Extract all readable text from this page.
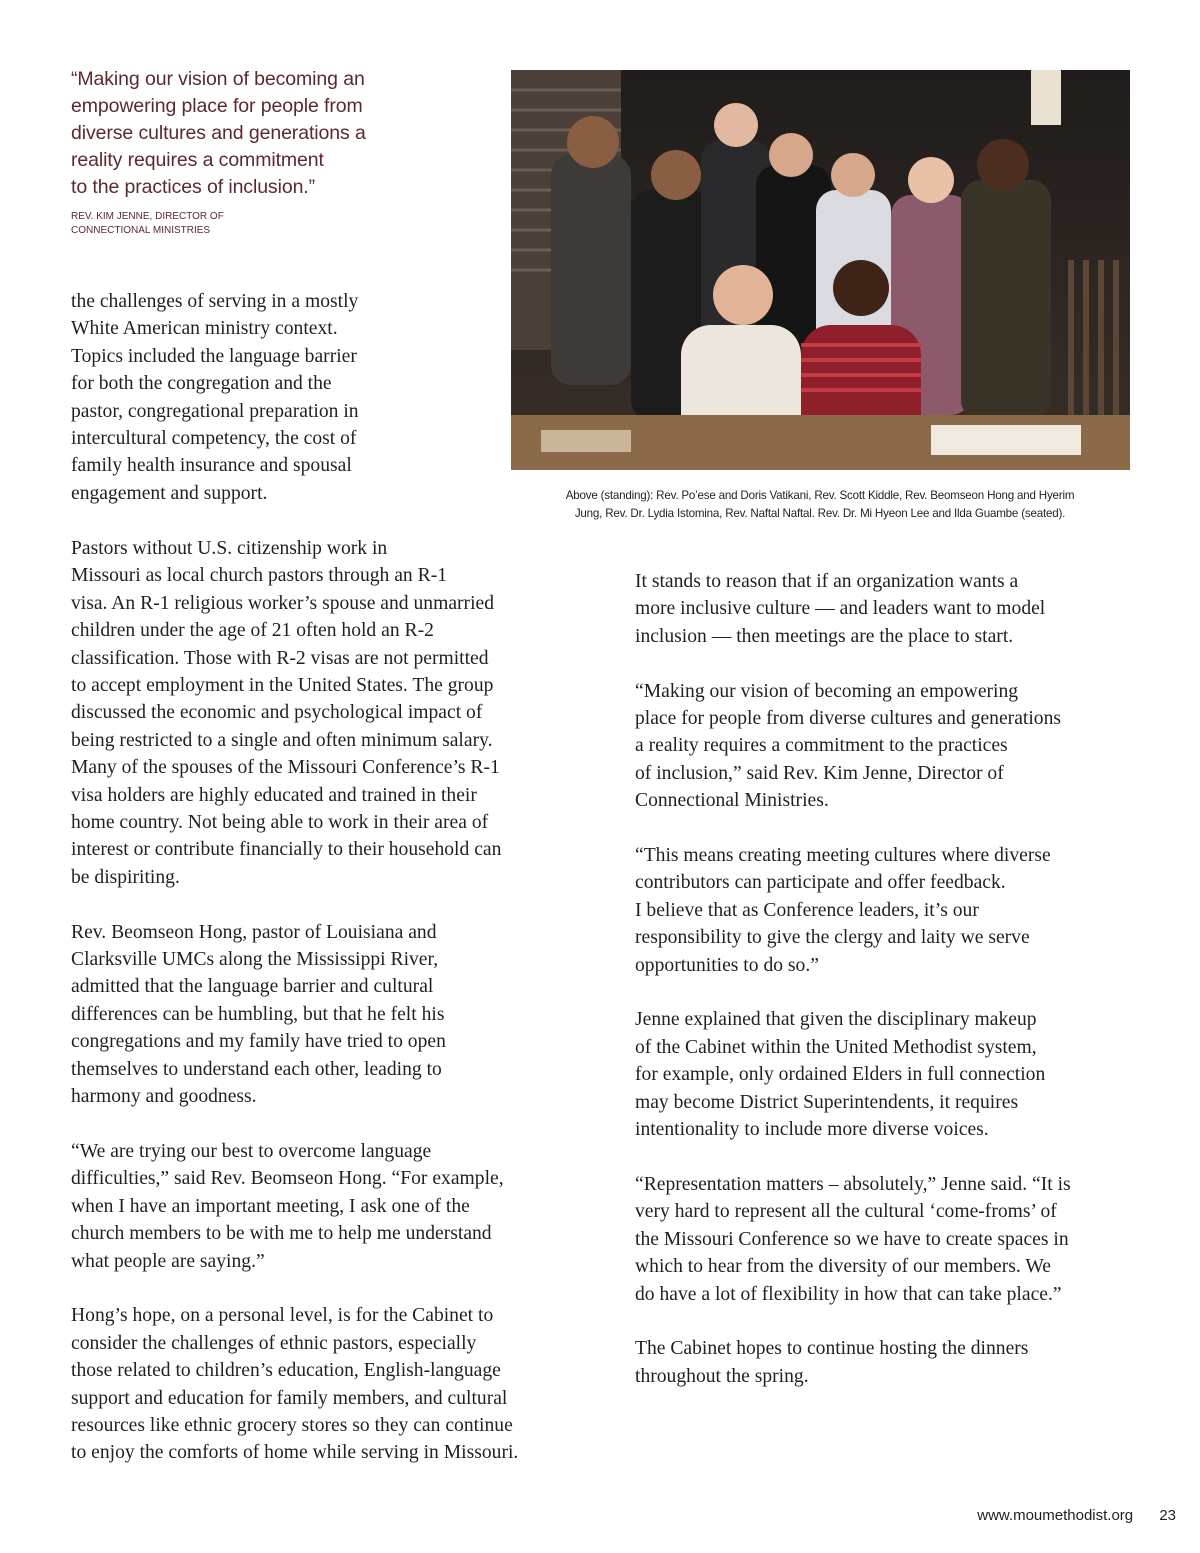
“Making our vision of becoming an
empowering place for people from
diverse cultures and generations a
reality requires a commitment
to the practices of inclusion.”

REV. KIM JENNE, DIRECTOR OF
CONNECTIONAL MINISTRIES

the challenges of serving in a mostly
White American ministry context.
Topics included the language barrier
for both the congregation and the
pastor, congregational preparation in
intercultural competency, the cost of
family health insurance and spousal
engagement and support.	Above (standing): Rev. Po’ese and Doris Vatikani, Rev. Scott Kiddle, Rev. Beomseon Hong and Hyerim
Jung, Rev. Dr. Lydia Istomina, Rev. Naftal Naftal. Rev. Dr. Mi Hyeon Lee and Ilda Guambe (seated).

Pastors without U.S. citizenship work in
Missouri as local church pastors through an R-1
visa. An R-1 religious worker’s spouse and unmarried
children under the age of 21 often hold an R-2
classification. Those with R-2 visas are not permitted
to accept employment in the United States. The group
discussed the economic and psychological impact of
being restricted to a single and often minimum salary.
Many of the spouses of the Missouri Conference’s R-1
visa holders are highly educated and trained in their
home country. Not being able to work in their area of
interest or contribute financially to their household can
be dispiriting.

Rev. Beomseon Hong, pastor of Louisiana and
Clarksville UMCs along the Mississippi River,
admitted that the language barrier and cultural
differences can be humbling, but that he felt his
congregations and my family have tried to open
themselves to understand each other, leading to
harmony and goodness.

“We are trying our best to overcome language
difficulties,” said Rev. Beomseon Hong. “For example,
when I have an important meeting, I ask one of the
church members to be with me to help me understand
what people are saying.”

Hong’s hope, on a personal level, is for the Cabinet to
consider the challenges of ethnic pastors, especially
those related to children’s education, English-language
support and education for family members, and cultural
resources like ethnic grocery stores so they can continue
to enjoy the comforts of home while serving in Missouri.

It stands to reason that if an organization wants a
more inclusive culture — and leaders want to model
inclusion — then meetings are the place to start.

“Making our vision of becoming an empowering
place for people from diverse cultures and generations
a reality requires a commitment to the practices
of inclusion,” said Rev. Kim Jenne, Director of
Connectional Ministries.

“This means creating meeting cultures where diverse
contributors can participate and offer feedback.
I believe that as Conference leaders, it’s our
responsibility to give the clergy and laity we serve
opportunities to do so.”

Jenne explained that given the disciplinary makeup
of the Cabinet within the United Methodist system,
for example, only ordained Elders in full connection
may become District Superintendents, it requires
intentionality to include more diverse voices.

“Representation matters – absolutely,” Jenne said. “It is
very hard to represent all the cultural ‘come-froms’ of
the Missouri Conference so we have to create spaces in
which to hear from the diversity of our members. We
do have a lot of flexibility in how that can take place.”

The Cabinet hopes to continue hosting the dinners
throughout the spring.

www.moumethodist.org 23
